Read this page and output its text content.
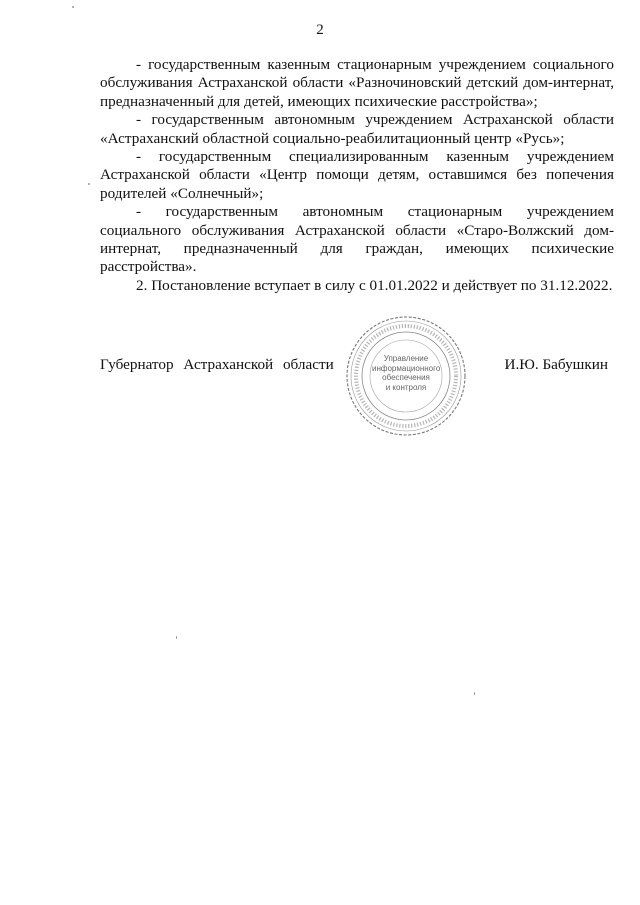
2

- государственным казенным стационарным учреждением социального обслуживания Астраханской области «Разночиновский детский дом-интернат, предназначенный для детей, имеющих психические расстройства»;

- государственным автономным учреждением Астраханской области «Астраханский областной социально-реабилитационный центр «Русь»;

- государственным специализированным казенным учреждением Астраханской области «Центр помощи детям, оставшимся без попечения родителей «Солнечный»;

- государственным автономным стационарным учреждением социального обслуживания Астраханской области «Старо-Волжский дом-интернат, предназначенный для граждан, имеющих психические расстройства».

2. Постановление вступает в силу с 01.01.2022 и действует по 31.12.2022.

Управление
информационного
обеспечения
и контроля
Губернатор Астраханской области	И.Ю. Бабушкин
